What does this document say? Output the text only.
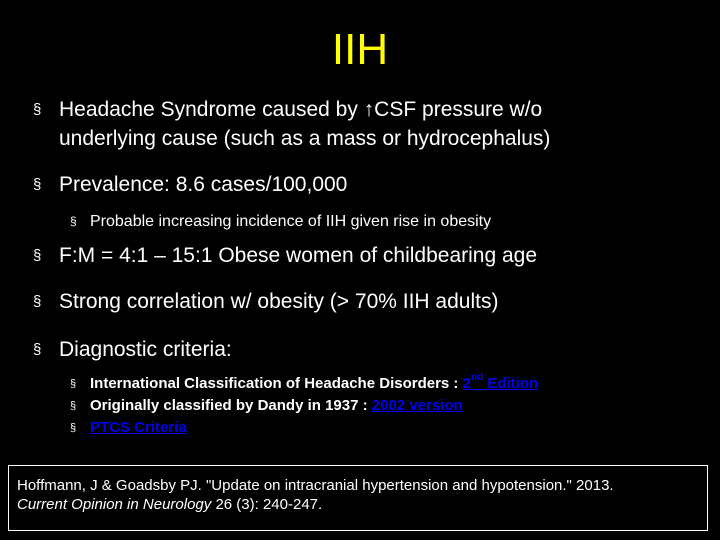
IIH
§ Headache Syndrome caused by ↑CSF pressure w/o
underlying cause (such as a mass or hydrocephalus)
§ Prevalence: 8.6 cases/100,000
§ Probable increasing incidence of IIH given rise in obesity
§ F:M = 4:1 – 15:1 Obese women of childbearing age
§ Strong correlation w/ obesity (> 70% IIH adults)
§ Diagnostic criteria:
§ International Classification of Headache Disorders : 2nd Edition
§ Originally classified by Dandy in 1937 : 2002 version
§ PTCS Criteria
Hoffmann, J & Goadsby PJ. "Update on intracranial hypertension and hypotension." 2013.
Current Opinion in Neurology 26 (3): 240-247.
